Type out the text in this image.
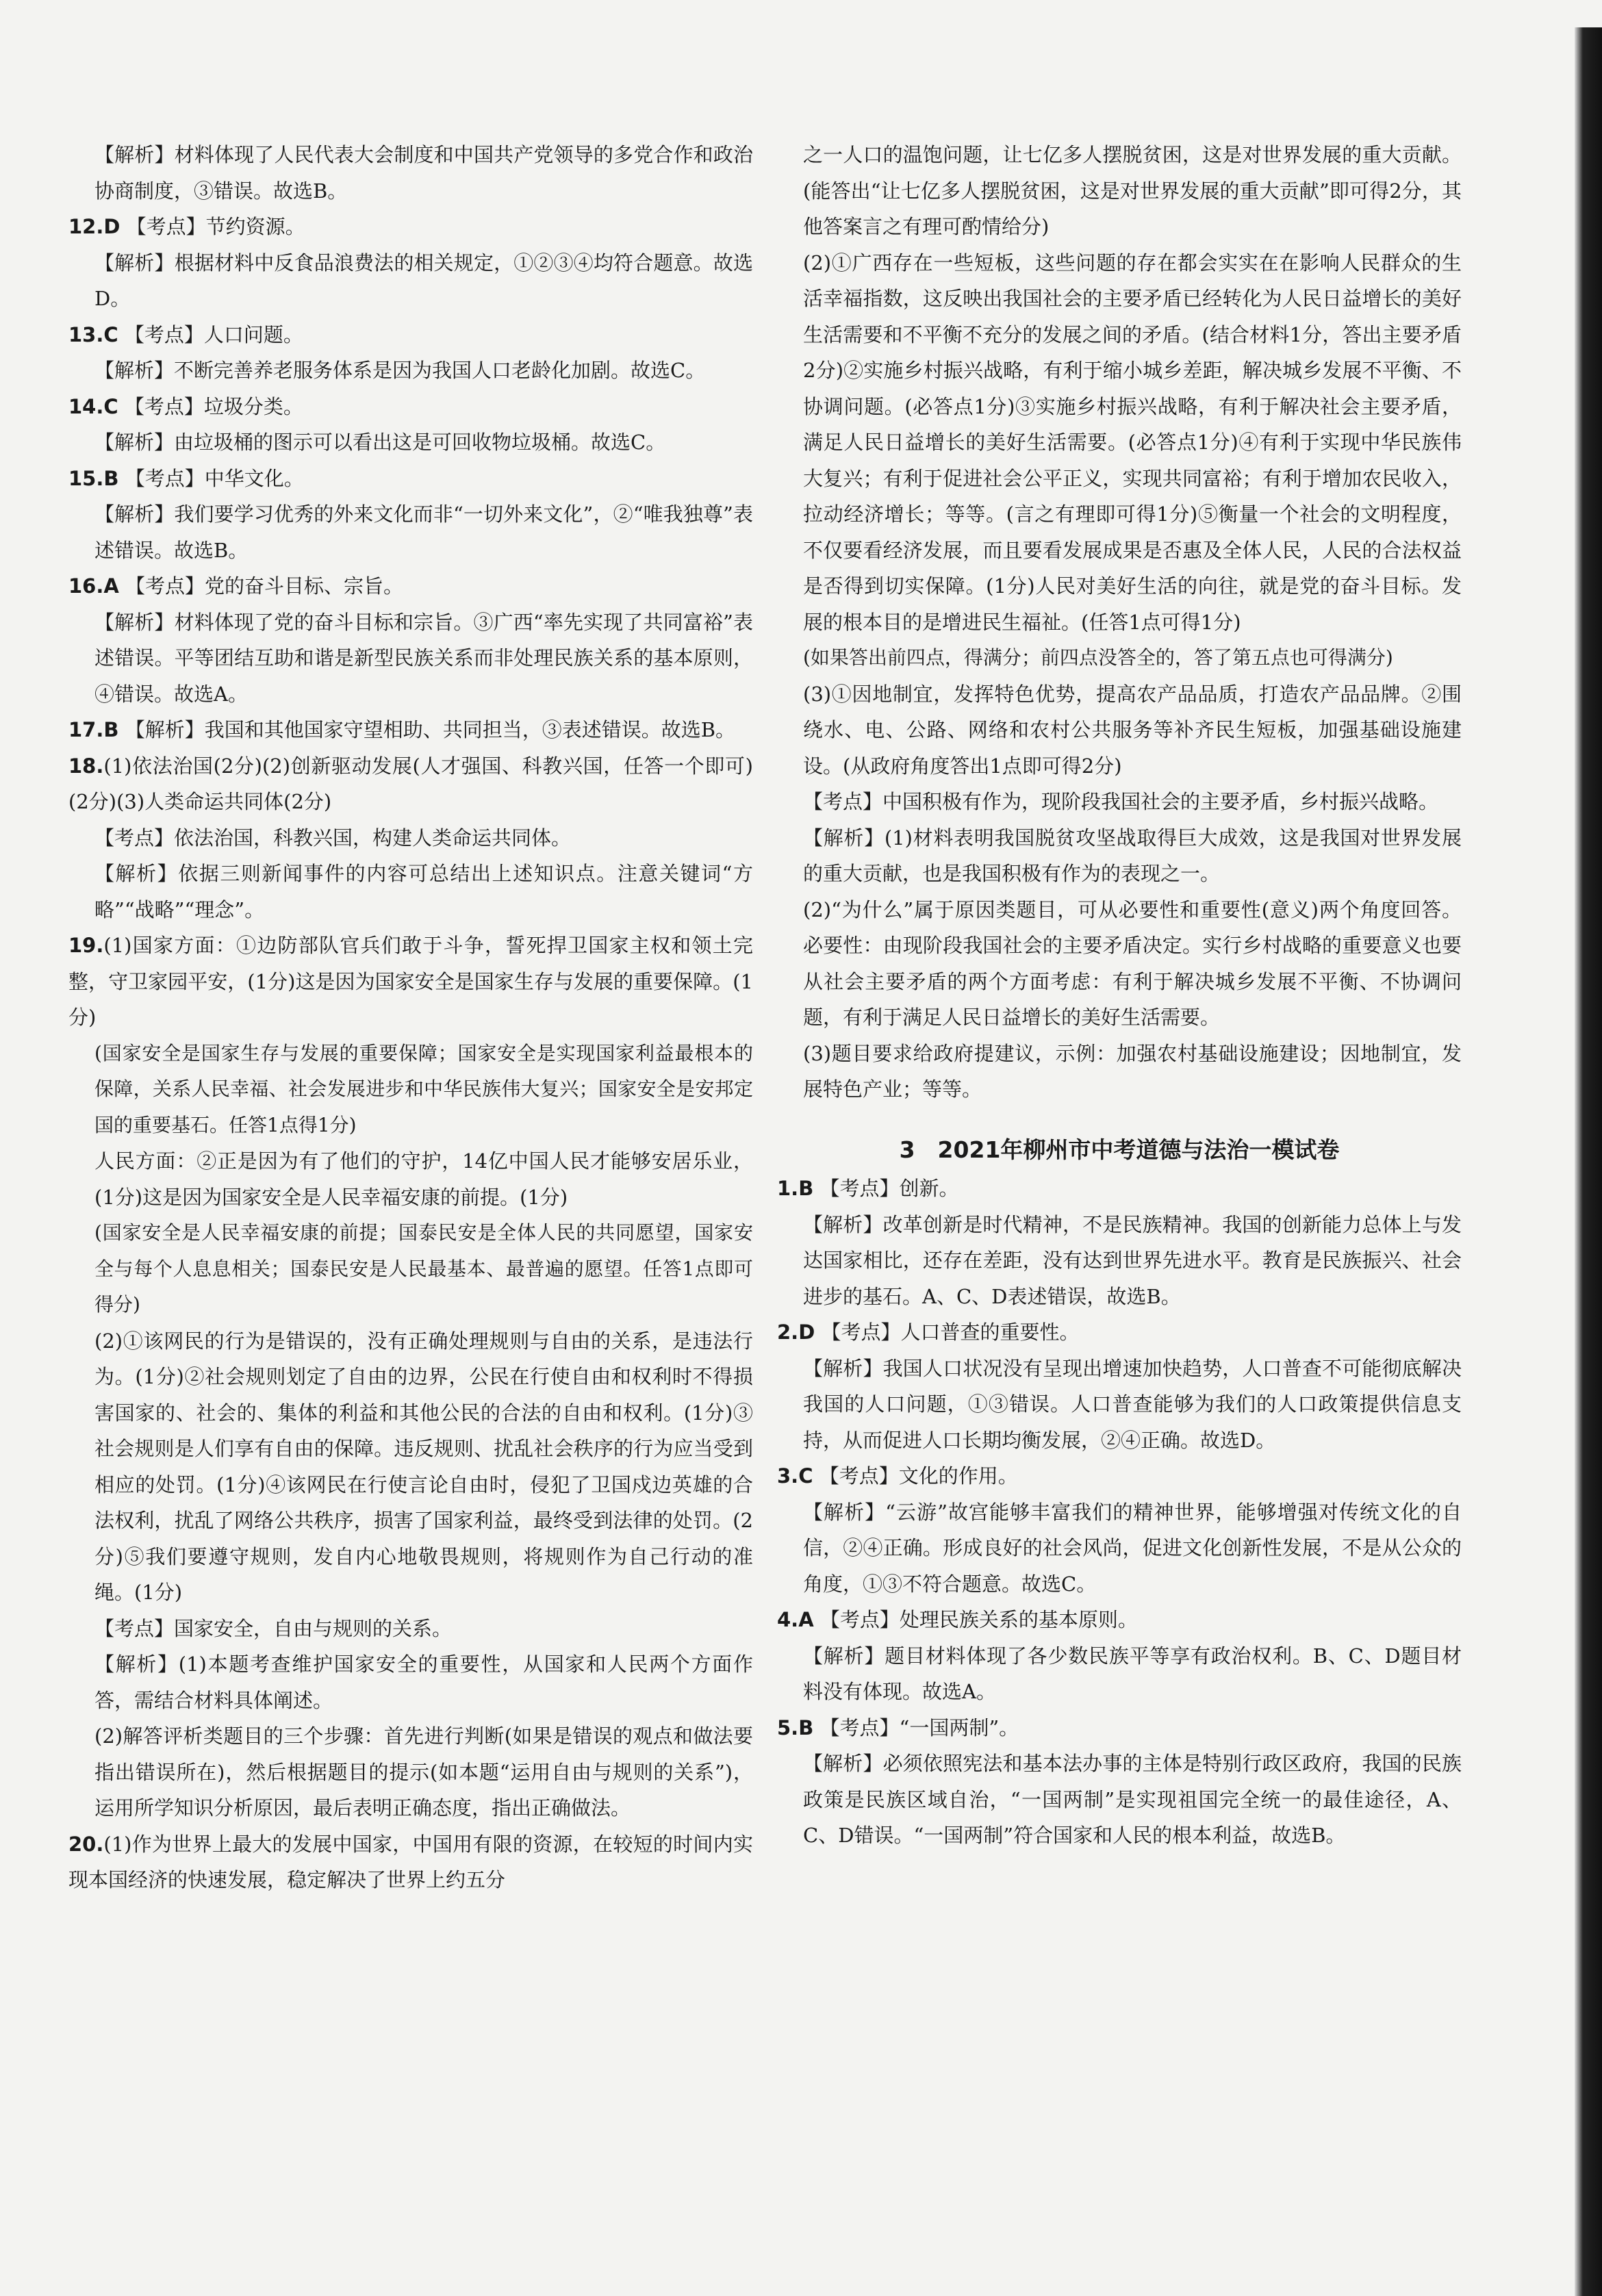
【解析】材料体现了人民代表大会制度和中国共产党领导的多党合作和政治协商制度，③错误。故选B。

12.D 【考点】节约资源。

【解析】根据材料中反食品浪费法的相关规定，①②③④均符合题意。故选D。

13.C 【考点】人口问题。

【解析】不断完善养老服务体系是因为我国人口老龄化加剧。故选C。

14.C 【考点】垃圾分类。

【解析】由垃圾桶的图示可以看出这是可回收物垃圾桶。故选C。

15.B 【考点】中华文化。

【解析】我们要学习优秀的外来文化而非“一切外来文化”，②“唯我独尊”表述错误。故选B。

16.A 【考点】党的奋斗目标、宗旨。

【解析】材料体现了党的奋斗目标和宗旨。③广西“率先实现了共同富裕”表述错误。平等团结互助和谐是新型民族关系而非处理民族关系的基本原则，④错误。故选A。

17.B 【解析】我国和其他国家守望相助、共同担当，③表述错误。故选B。

18.(1)依法治国(2分)(2)创新驱动发展(人才强国、科教兴国，任答一个即可)(2分)(3)人类命运共同体(2分)

【考点】依法治国，科教兴国，构建人类命运共同体。

【解析】依据三则新闻事件的内容可总结出上述知识点。注意关键词“方略”“战略”“理念”。

19.(1)国家方面：①边防部队官兵们敢于斗争，誓死捍卫国家主权和领土完整，守卫家园平安，(1分)这是因为国家安全是国家生存与发展的重要保障。(1分)

(国家安全是国家生存与发展的重要保障；国家安全是实现国家利益最根本的保障，关系人民幸福、社会发展进步和中华民族伟大复兴；国家安全是安邦定国的重要基石。任答1点得1分)

人民方面：②正是因为有了他们的守护，14亿中国人民才能够安居乐业，(1分)这是因为国家安全是人民幸福安康的前提。(1分)

(国家安全是人民幸福安康的前提；国泰民安是全体人民的共同愿望，国家安全与每个人息息相关；国泰民安是人民最基本、最普遍的愿望。任答1点即可得分)

(2)①该网民的行为是错误的，没有正确处理规则与自由的关系，是违法行为。(1分)②社会规则划定了自由的边界，公民在行使自由和权利时不得损害国家的、社会的、集体的利益和其他公民的合法的自由和权利。(1分)③社会规则是人们享有自由的保障。违反规则、扰乱社会秩序的行为应当受到相应的处罚。(1分)④该网民在行使言论自由时，侵犯了卫国戍边英雄的合法权利，扰乱了网络公共秩序，损害了国家利益，最终受到法律的处罚。(2分)⑤我们要遵守规则，发自内心地敬畏规则，将规则作为自己行动的准绳。(1分)

【考点】国家安全，自由与规则的关系。

【解析】(1)本题考查维护国家安全的重要性，从国家和人民两个方面作答，需结合材料具体阐述。

(2)解答评析类题目的三个步骤：首先进行判断(如果是错误的观点和做法要指出错误所在)，然后根据题目的提示(如本题“运用自由与规则的关系”)，运用所学知识分析原因，最后表明正确态度，指出正确做法。

20.(1)作为世界上最大的发展中国家，中国用有限的资源，在较短的时间内实现本国经济的快速发展，稳定解决了世界上约五分

之一人口的温饱问题，让七亿多人摆脱贫困，这是对世界发展的重大贡献。(能答出“让七亿多人摆脱贫困，这是对世界发展的重大贡献”即可得2分，其他答案言之有理可酌情给分)

(2)①广西存在一些短板，这些问题的存在都会实实在在影响人民群众的生活幸福指数，这反映出我国社会的主要矛盾已经转化为人民日益增长的美好生活需要和不平衡不充分的发展之间的矛盾。(结合材料1分，答出主要矛盾2分)②实施乡村振兴战略，有利于缩小城乡差距，解决城乡发展不平衡、不协调问题。(必答点1分)③实施乡村振兴战略，有利于解决社会主要矛盾，满足人民日益增长的美好生活需要。(必答点1分)④有利于实现中华民族伟大复兴；有利于促进社会公平正义，实现共同富裕；有利于增加农民收入，拉动经济增长；等等。(言之有理即可得1分)⑤衡量一个社会的文明程度，不仅要看经济发展，而且要看发展成果是否惠及全体人民，人民的合法权益是否得到切实保障。(1分)人民对美好生活的向往，就是党的奋斗目标。发展的根本目的是增进民生福祉。(任答1点可得1分)

(如果答出前四点，得满分；前四点没答全的，答了第五点也可得满分)

(3)①因地制宜，发挥特色优势，提高农产品品质，打造农产品品牌。②围绕水、电、公路、网络和农村公共服务等补齐民生短板，加强基础设施建设。(从政府角度答出1点即可得2分)

【考点】中国积极有作为，现阶段我国社会的主要矛盾，乡村振兴战略。

【解析】(1)材料表明我国脱贫攻坚战取得巨大成效，这是我国对世界发展的重大贡献，也是我国积极有作为的表现之一。

(2)“为什么”属于原因类题目，可从必要性和重要性(意义)两个角度回答。必要性：由现阶段我国社会的主要矛盾决定。实行乡村战略的重要意义也要从社会主要矛盾的两个方面考虑：有利于解决城乡发展不平衡、不协调问题，有利于满足人民日益增长的美好生活需要。

(3)题目要求给政府提建议，示例：加强农村基础设施建设；因地制宜，发展特色产业；等等。

3　2021年柳州市中考道德与法治一模试卷

1.B 【考点】创新。

【解析】改革创新是时代精神，不是民族精神。我国的创新能力总体上与发达国家相比，还存在差距，没有达到世界先进水平。教育是民族振兴、社会进步的基石。A、C、D表述错误，故选B。

2.D 【考点】人口普查的重要性。

【解析】我国人口状况没有呈现出增速加快趋势，人口普查不可能彻底解决我国的人口问题，①③错误。人口普查能够为我们的人口政策提供信息支持，从而促进人口长期均衡发展，②④正确。故选D。

3.C 【考点】文化的作用。

【解析】“云游”故宫能够丰富我们的精神世界，能够增强对传统文化的自信，②④正确。形成良好的社会风尚，促进文化创新性发展，不是从公众的角度，①③不符合题意。故选C。

4.A 【考点】处理民族关系的基本原则。

【解析】题目材料体现了各少数民族平等享有政治权利。B、C、D题目材料没有体现。故选A。

5.B 【考点】“一国两制”。

【解析】必须依照宪法和基本法办事的主体是特别行政区政府，我国的民族政策是民族区域自治，“一国两制”是实现祖国完全统一的最佳途径，A、C、D错误。“一国两制”符合国家和人民的根本利益，故选B。
